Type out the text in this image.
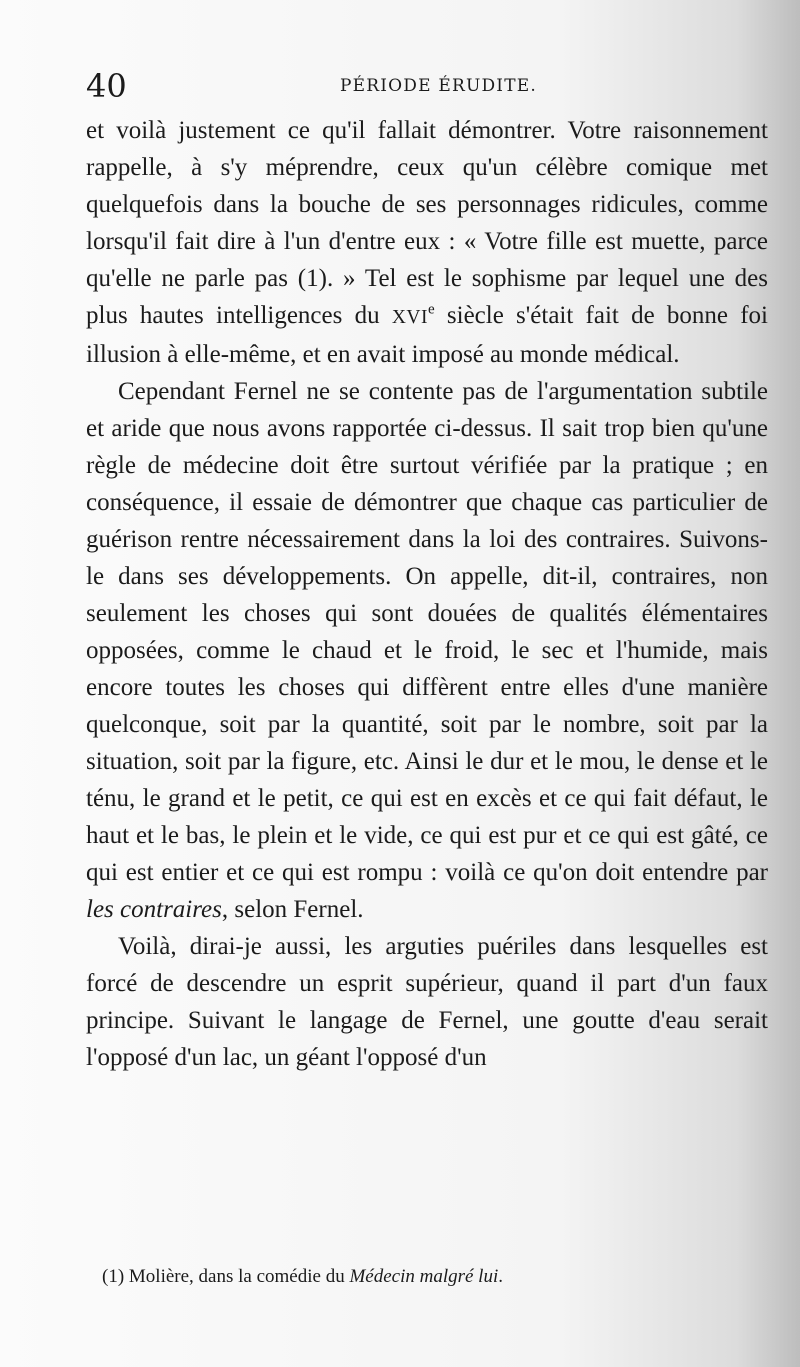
40	PÉRIODE ÉRUDITE.

et voilà justement ce qu'il fallait démontrer. Votre raisonnement rappelle, à s'y méprendre, ceux qu'un célèbre comique met quelquefois dans la bouche de ses personnages ridicules, comme lorsqu'il fait dire à l'un d'entre eux : « Votre fille est muette, parce qu'elle ne parle pas (1). » Tel est le sophisme par lequel une des plus hautes intelligences du XVIe siècle s'était fait de bonne foi illusion à elle-même, et en avait imposé au monde médical.

Cependant Fernel ne se contente pas de l'argumentation subtile et aride que nous avons rapportée ci-dessus. Il sait trop bien qu'une règle de médecine doit être surtout vérifiée par la pratique ; en conséquence, il essaie de démontrer que chaque cas particulier de guérison rentre nécessairement dans la loi des contraires. Suivons-le dans ses développements. On appelle, dit-il, contraires, non seulement les choses qui sont douées de qualités élémentaires opposées, comme le chaud et le froid, le sec et l'humide, mais encore toutes les choses qui diffèrent entre elles d'une manière quelconque, soit par la quantité, soit par le nombre, soit par la situation, soit par la figure, etc. Ainsi le dur et le mou, le dense et le ténu, le grand et le petit, ce qui est en excès et ce qui fait défaut, le haut et le bas, le plein et le vide, ce qui est pur et ce qui est gâté, ce qui est entier et ce qui est rompu : voilà ce qu'on doit entendre par les contraires, selon Fernel.

Voilà, dirai-je aussi, les arguties puériles dans lesquelles est forcé de descendre un esprit supérieur, quand il part d'un faux principe. Suivant le langage de Fernel, une goutte d'eau serait l'opposé d'un lac, un géant l'opposé d'un

(1) Molière, dans la comédie du Médecin malgré lui.
